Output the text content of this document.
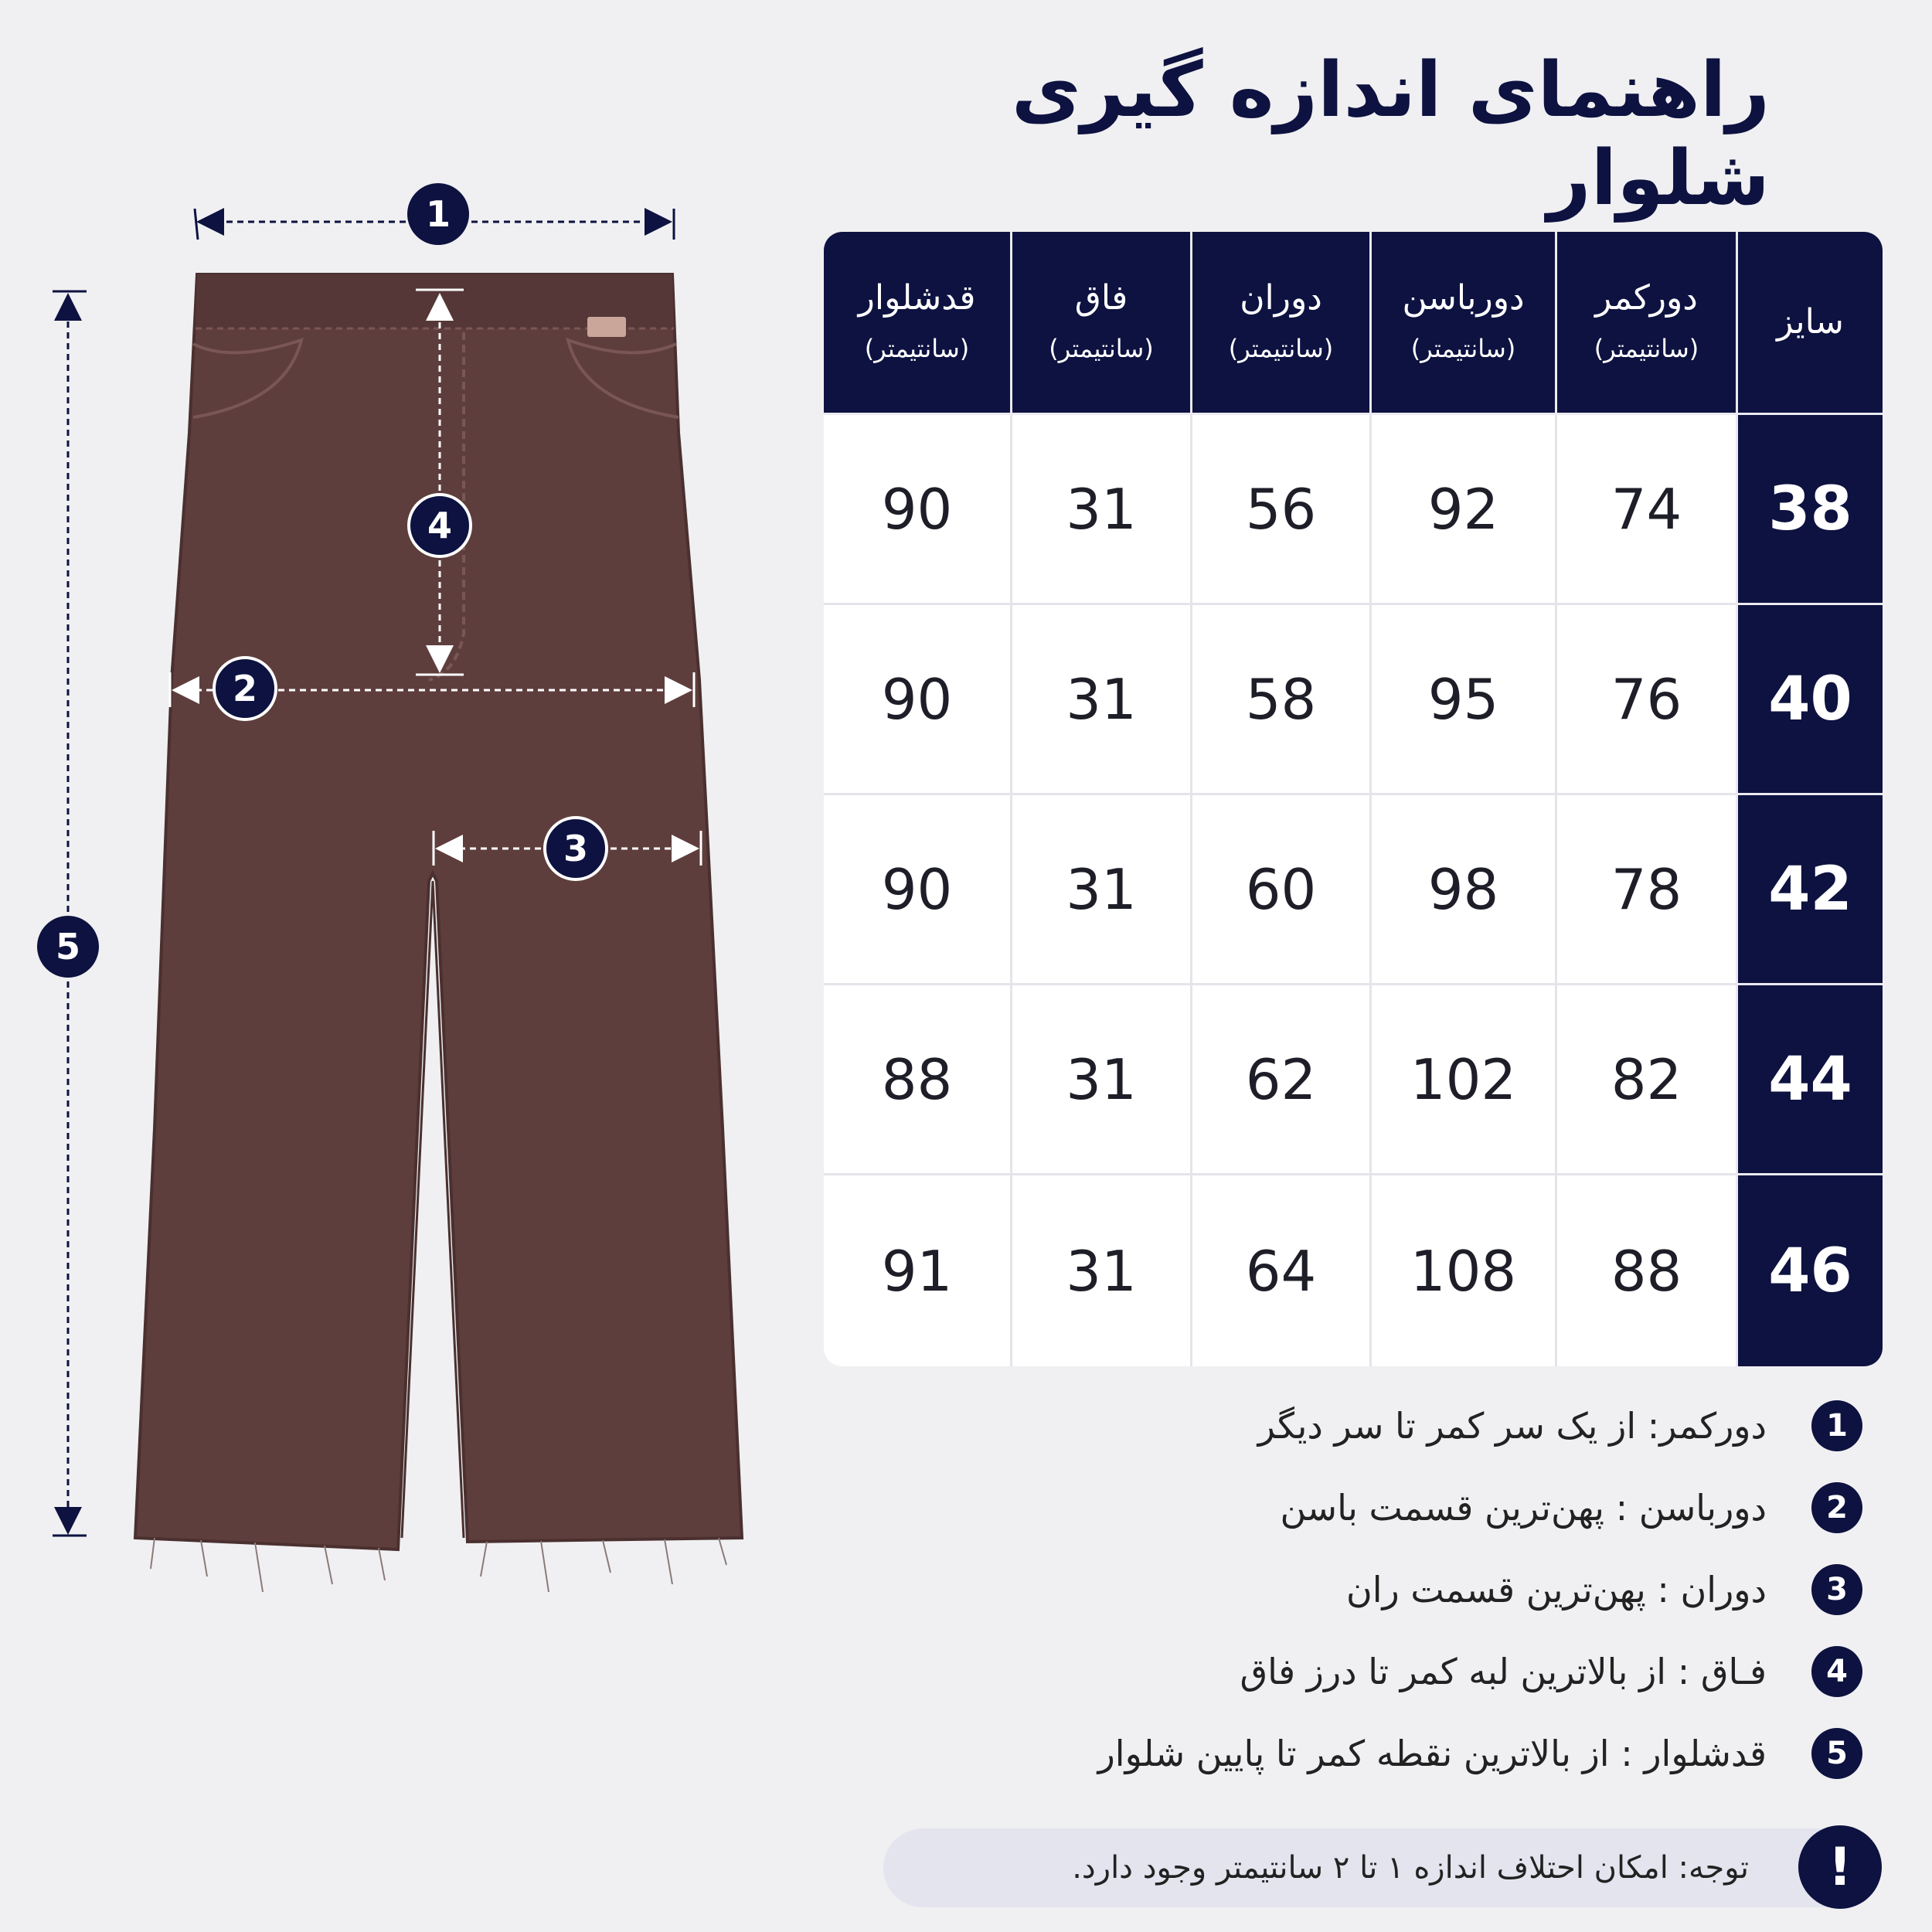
راهنمای اندازه گیری شلوار
1
5
4
2
3
سایز
دورکمر
(سانتیمتر)
دورباسن
(سانتیمتر)
دوران
(سانتیمتر)
فاق
(سانتیمتر)
قدشلوار
(سانتیمتر)
38
74
92
56
31
90
40
76
95
58
31
90
42
78
98
60
31
90
44
82
102
62
31
88
46
88
108
64
31
91
1
دورکمر: از یک سر کمر تا سر دیگر
2
دورباسن : پهن‌ترین قسمت باسن
3
دوران : پهن‌ترین قسمت ران
4
فـاق : از بالاترین لبه کمر تا درز فاق
5
قدشلوار : از بالاترین نقطه کمر تا پایین شلوار
!
توجه: امکان احتلاف اندازه ۱ تا ۲ سانتیمتر وجود دارد.
